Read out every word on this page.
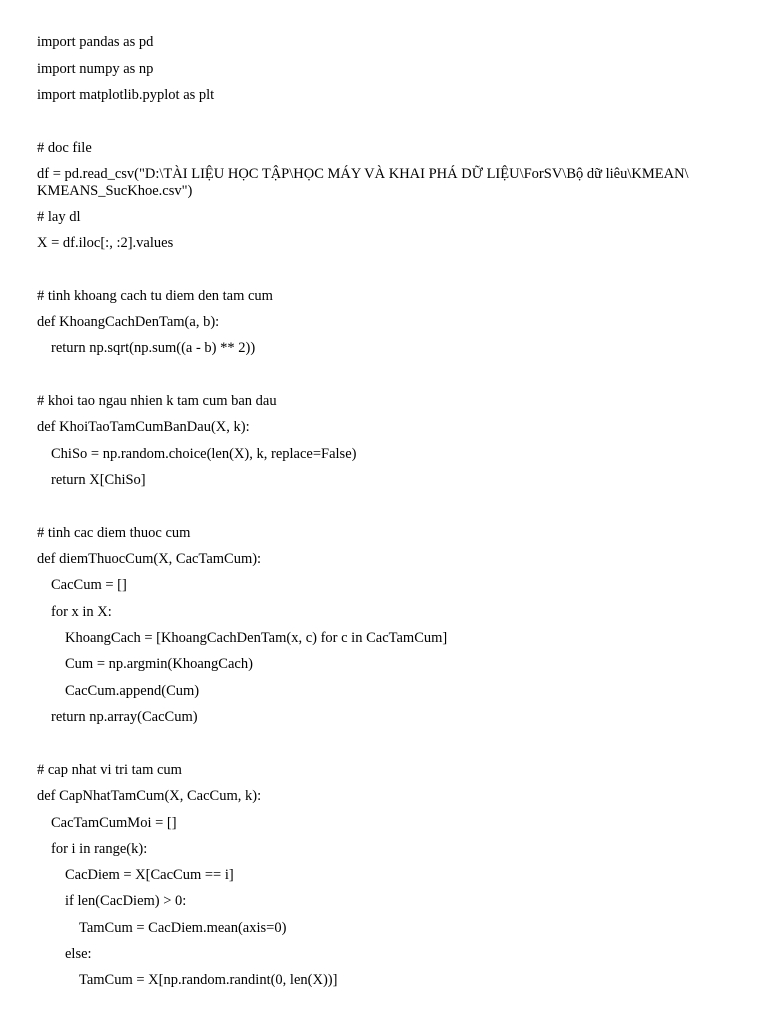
import pandas as pd
import numpy as np
import matplotlib.pyplot as plt
# doc file
df = pd.read_csv("D:\TÀI LIỆU HỌC TẬP\HỌC MÁY VÀ KHAI PHÁ DỮ LIỆU\ForSV\Bộ dữ liêu\KMEAN\ KMEANS_SucKhoe.csv")
# lay dl
X = df.iloc[:, :2].values
# tinh khoang cach tu diem den tam cum
def KhoangCachDenTam(a, b):
return np.sqrt(np.sum((a - b) ** 2))
# khoi tao ngau nhien k tam cum ban dau
def KhoiTaoTamCumBanDau(X, k):
ChiSo = np.random.choice(len(X), k, replace=False)
return X[ChiSo]
# tinh cac diem thuoc cum
def diemThuocCum(X, CacTamCum):
CacCum = []
for x in X:
KhoangCach = [KhoangCachDenTam(x, c) for c in CacTamCum]
Cum = np.argmin(KhoangCach)
CacCum.append(Cum)
return np.array(CacCum)
# cap nhat vi tri tam cum
def CapNhatTamCum(X, CacCum, k):
CacTamCumMoi = []
for i in range(k):
CacDiem = X[CacCum == i]
if len(CacDiem) > 0:
TamCum = CacDiem.mean(axis=0)
else:
TamCum = X[np.random.randint(0, len(X))]
